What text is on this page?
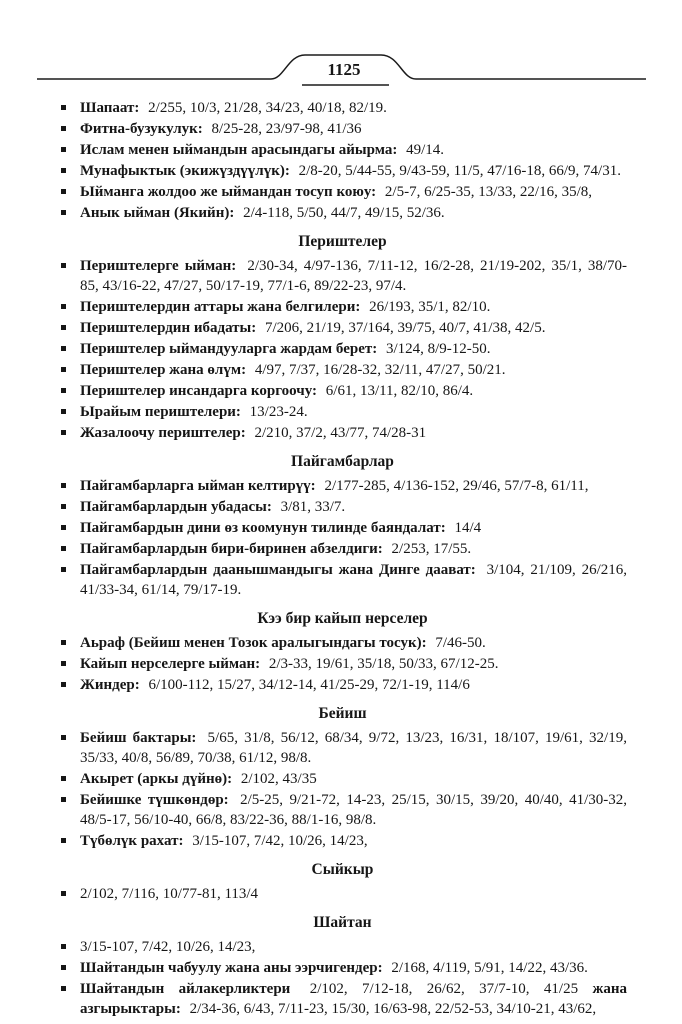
1125
Шапаат: 2/255, 10/3, 21/28, 34/23, 40/18, 82/19.
Фитна-бузукулук: 8/25-28, 23/97-98, 41/36
Ислам менен ыймандын арасындагы айырма: 49/14.
Мунафыктык (экижүздүүлүк): 2/8-20, 5/44-55, 9/43-59, 11/5, 47/16-18, 66/9, 74/31.
Ыйманга жолдоо же ыймандан тосуп коюу: 2/5-7, 6/25-35, 13/33, 22/16, 35/8,
Анык ыйман (Якийн): 2/4-118, 5/50, 44/7, 49/15, 52/36.
Периштелер
Периштелерге ыйман: 2/30-34, 4/97-136, 7/11-12, 16/2-28, 21/19-202, 35/1, 38/70-85, 43/16-22, 47/27, 50/17-19, 77/1-6, 89/22-23, 97/4.
Периштелердин аттары жана белгилери: 26/193, 35/1, 82/10.
Периштелердин ибадаты: 7/206, 21/19, 37/164, 39/75, 40/7, 41/38, 42/5.
Периштелер ыймандууларга жардам берет: 3/124, 8/9-12-50.
Периштелер жана өлүм: 4/97, 7/37, 16/28-32, 32/11, 47/27, 50/21.
Периштелер инсандарга коргоочу: 6/61, 13/11, 82/10, 86/4.
Ырайым периштелери: 13/23-24.
Жазалоочу периштелер: 2/210, 37/2, 43/77, 74/28-31
Пайгамбарлар
Пайгамбарларга ыйман келтирүү: 2/177-285, 4/136-152, 29/46, 57/7-8, 61/11,
Пайгамбарлардын убадасы: 3/81, 33/7.
Пайгамбардын дини өз коомунун тилинде баяндалат: 14/4
Пайгамбарлардын бири-биринен абзелдиги: 2/253, 17/55.
Пайгамбарлардын даанышмандыгы жана Динге даават: 3/104, 21/109, 26/216, 41/33-34, 61/14, 79/17-19.
Кээ бир кайып нерселер
Аьраф (Бейиш менен Тозок аралыгындагы тосук): 7/46-50.
Кайып нерселерге ыйман: 2/3-33, 19/61, 35/18, 50/33, 67/12-25.
Жиндер: 6/100-112, 15/27, 34/12-14, 41/25-29, 72/1-19, 114/6
Бейиш
Бейиш бактары: 5/65, 31/8, 56/12, 68/34, 9/72, 13/23, 16/31, 18/107, 19/61, 32/19, 35/33, 40/8, 56/89, 70/38, 61/12, 98/8.
Акырет (аркы дүйнө): 2/102, 43/35
Бейишке түшкөндөр: 2/5-25, 9/21-72, 14-23, 25/15, 30/15, 39/20, 40/40, 41/30-32, 48/5-17, 56/10-40, 66/8, 83/22-36, 88/1-16, 98/8.
Түбөлүк рахат: 3/15-107, 7/42, 10/26, 14/23,
Сыйкыр
2/102, 7/116, 10/77-81, 113/4
Шайтан
3/15-107, 7/42, 10/26, 14/23,
Шайтандын чабуулу жана аны ээрчигендер: 2/168, 4/119, 5/91, 14/22, 43/36.
Шайтандын айлакерликтери 2/102, 7/12-18, 26/62, 37/7-10, 41/25 жана азгырыктары: 2/34-36, 6/43, 7/11-23, 15/30, 16/63-98, 22/52-53, 34/10-21, 43/62,
